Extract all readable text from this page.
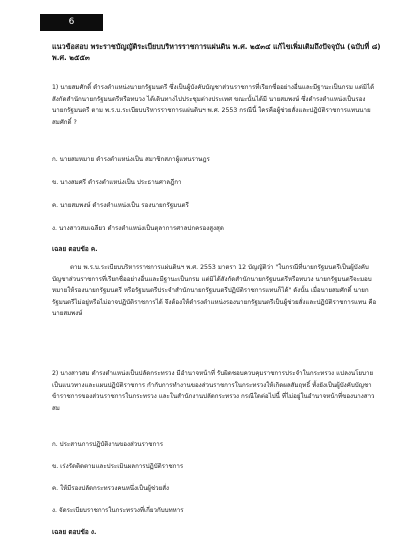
6

แนวข้อสอบ พระราชบัญญัติระเบียบบริหารราชการแผ่นดิน พ.ศ. ๒๕๓๔ แก้ไขเพิ่มเติมถึงปัจจุบัน (ฉบับที่ ๘) พ.ศ. ๒๕๕๓

1) นายสมศักดิ์ ดำรงตำแหน่งนายกรัฐมนตรี ซึ่งเป็นผู้บังคับบัญชาส่วนราชการที่เรียกชื่ออย่างอื่นและมีฐานะเป็นกรม แต่มิได้สังกัดสำนักนายกรัฐมนตรีหรือทบวง ได้เดินทางไปประชุมต่างประเทศ ขณะนั้นได้มี นายสมพงษ์ ซึ่งดำรงตำแหน่งเป็นรองนายกรัฐมนตรี ตาม พ.ร.บ.ระเบียบบริหารราชการแผ่นดินฯ พ.ศ. 2553 กรณีนี้ ใครคือผู้ช่วยสั่งและปฏิบัติราชการแทนนายสมศักดิ์ ?

ก. นายสมหมาย ดำรงตำแหน่งเป็น สมาชิกสภาผู้แทนราษฎร

ข. นางสมศรี ดำรงตำแหน่งเป็น ประธานศาลฎีกา

ค. นายสมพงษ์ ดำรงตำแหน่งเป็น รองนายกรัฐมนตรี

ง. นางสาวสมเฉลียว ดำรงตำแหน่งเป็นตุลาการศาลปกครองสูงสุด

เฉลย ตอบข้อ ค.

ตาม พ.ร.บ.ระเบียบบริหารราชการแผ่นดินฯ พ.ศ. 2553 มาตรา 12 บัญญัติว่า "ในกรณีที่นายกรัฐมนตรีเป็นผู้บังคับบัญชาส่วนราชการที่เรียกชื่ออย่างอื่นและมีฐานะเป็นกรม แต่มิได้สังกัดสำนักนายกรัฐมนตรีหรือทบวง นายกรัฐมนตรีจะมอบหมายให้รองนายกรัฐมนตรี หรือรัฐมนตรีประจำสำนักนายกรัฐมนตรีปฏิบัติราชการแทนก็ได้" ดังนั้น เมื่อนายสมศักดิ์ นายกรัฐมนตรีไม่อยู่หรือไม่อาจปฏิบัติราชการได้ จึงต้องให้ดำรงตำแหน่งรองนายกรัฐมนตรีเป็นผู้ช่วยสั่งและปฏิบัติราชการแทน คือนายสมพงษ์

2) นางสาวสม ดำรงตำแหน่งเป็นปลัดกระทรวง มีอำนาจหน้าที่ รับผิดชอบควบคุมราชการประจำในกระทรวง แปลงนโยบายเป็นแนวทางและแผนปฏิบัติราชการ กำกับการทำงานของส่วนราชการในกระทรวงให้เกิดผลสัมฤทธิ์ ทั้งยังเป็นผู้บังคับบัญชาข้าราชการของส่วนราชการในกระทรวง และในสำนักงานปลัดกระทรวง กรณีใดต่อไปนี้ ที่ไม่อยู่ในอำนาจหน้าที่ของนางสาวสม

ก. ประสานการปฏิบัติงานของส่วนราชการ

ข. เร่งรัดติดตามและประเมินผลการปฏิบัติราชการ

ค. ให้มีรองปลัดกระทรวงคนหนึ่งเป็นผู้ช่วยสั่ง

ง. จัดระเบียบราชการในกระทรวงที่เกี่ยวกับบทหาร

เฉลย ตอบข้อ ง.
